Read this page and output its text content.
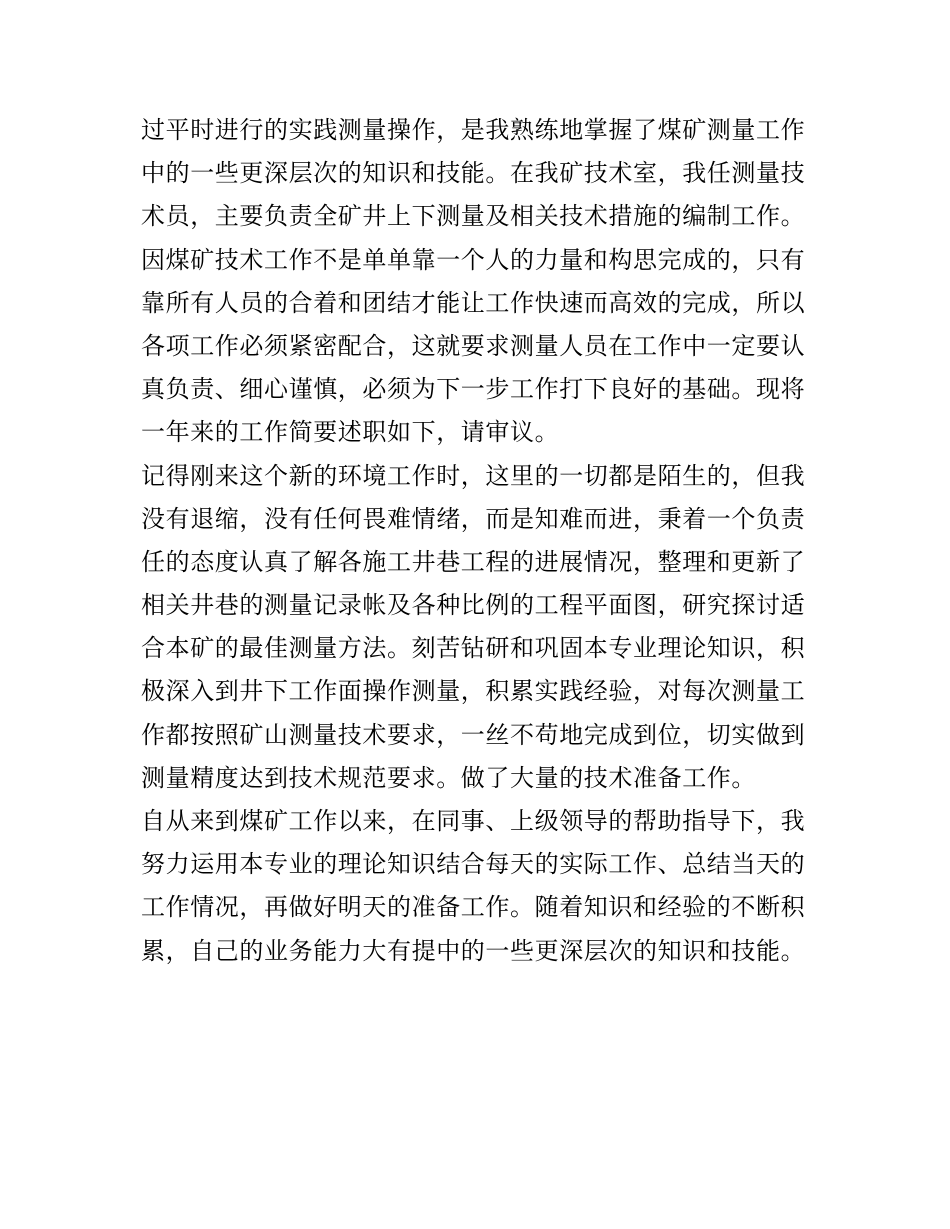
过平时进行的实践测量操作，是我熟练地掌握了煤矿测量工作
中的一些更深层次的知识和技能。在我矿技术室，我任测量技
术员，主要负责全矿井上下测量及相关技术措施的编制工作。
因煤矿技术工作不是单单靠一个人的力量和构思完成的，只有
靠所有人员的合着和团结才能让工作快速而高效的完成，所以
各项工作必须紧密配合，这就要求测量人员在工作中一定要认
真负责、细心谨慎，必须为下一步工作打下良好的基础。现将
一年来的工作简要述职如下，请审议。
记得刚来这个新的环境工作时，这里的一切都是陌生的，但我
没有退缩，没有任何畏难情绪，而是知难而进，秉着一个负责
任的态度认真了解各施工井巷工程的进展情况，整理和更新了
相关井巷的测量记录帐及各种比例的工程平面图，研究探讨适
合本矿的最佳测量方法。刻苦钻研和巩固本专业理论知识，积
极深入到井下工作面操作测量，积累实践经验，对每次测量工
作都按照矿山测量技术要求，一丝不苟地完成到位，切实做到
测量精度达到技术规范要求。做了大量的技术准备工作。
自从来到煤矿工作以来，在同事、上级领导的帮助指导下，我
努力运用本专业的理论知识结合每天的实际工作、总结当天的
工作情况，再做好明天的准备工作。随着知识和经验的不断积
累，自己的业务能力大有提中的一些更深层次的知识和技能。
